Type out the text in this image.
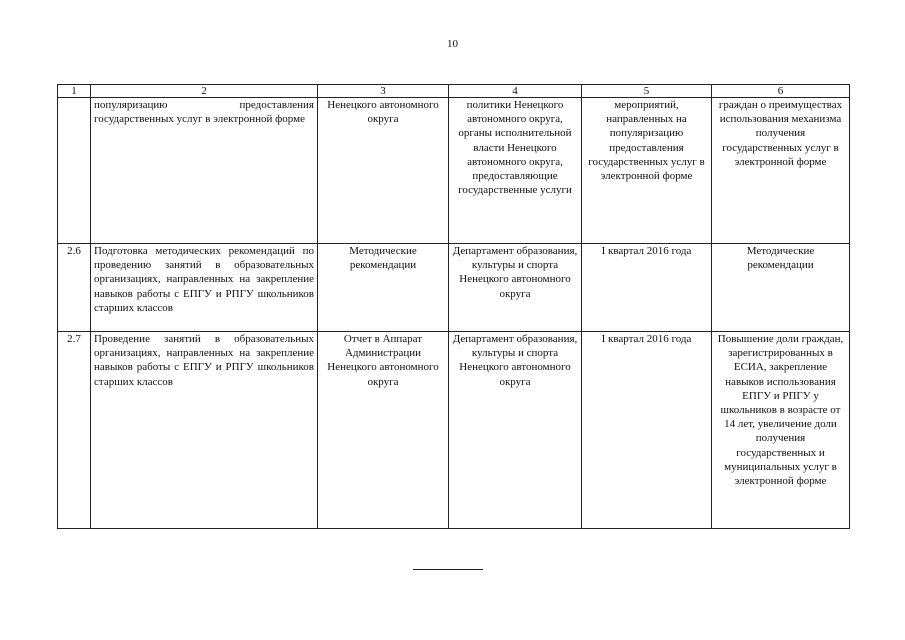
10
1	2	3	4	5	6
	популяризацию предоставления государственных услуг в электронной форме	Ненецкого автономного округа	политики Ненецкого автономного округа, органы исполнительной власти Ненецкого автономного округа, предоставляющие государственные услуги	мероприятий, направленных на популяризацию предоставления государственных услуг в электронной форме	граждан о преимуществах использования механизма получения государственных услуг в электронной форме
2.6	Подготовка методических рекомендаций по проведению занятий в образовательных организациях, направленных на закрепление навыков работы с ЕПГУ и РПГУ школьников старших классов	Методические рекомендации	Департамент образования, культуры и спорта Ненецкого автономного округа	I квартал 2016 года	Методические рекомендации
2.7	Проведение занятий в образовательных организациях, направленных на закрепление навыков работы с ЕПГУ и РПГУ школьников старших классов	Отчет в Аппарат Администрации Ненецкого автономного округа	Департамент образования, культуры и спорта Ненецкого автономного округа	I квартал 2016 года	Повышение доли граждан, зарегистрированных в ЕСИА, закрепление навыков использования ЕПГУ и РПГУ у школьников в возрасте от 14 лет, увеличение доли получения государственных и муниципальных услуг в электронной форме
